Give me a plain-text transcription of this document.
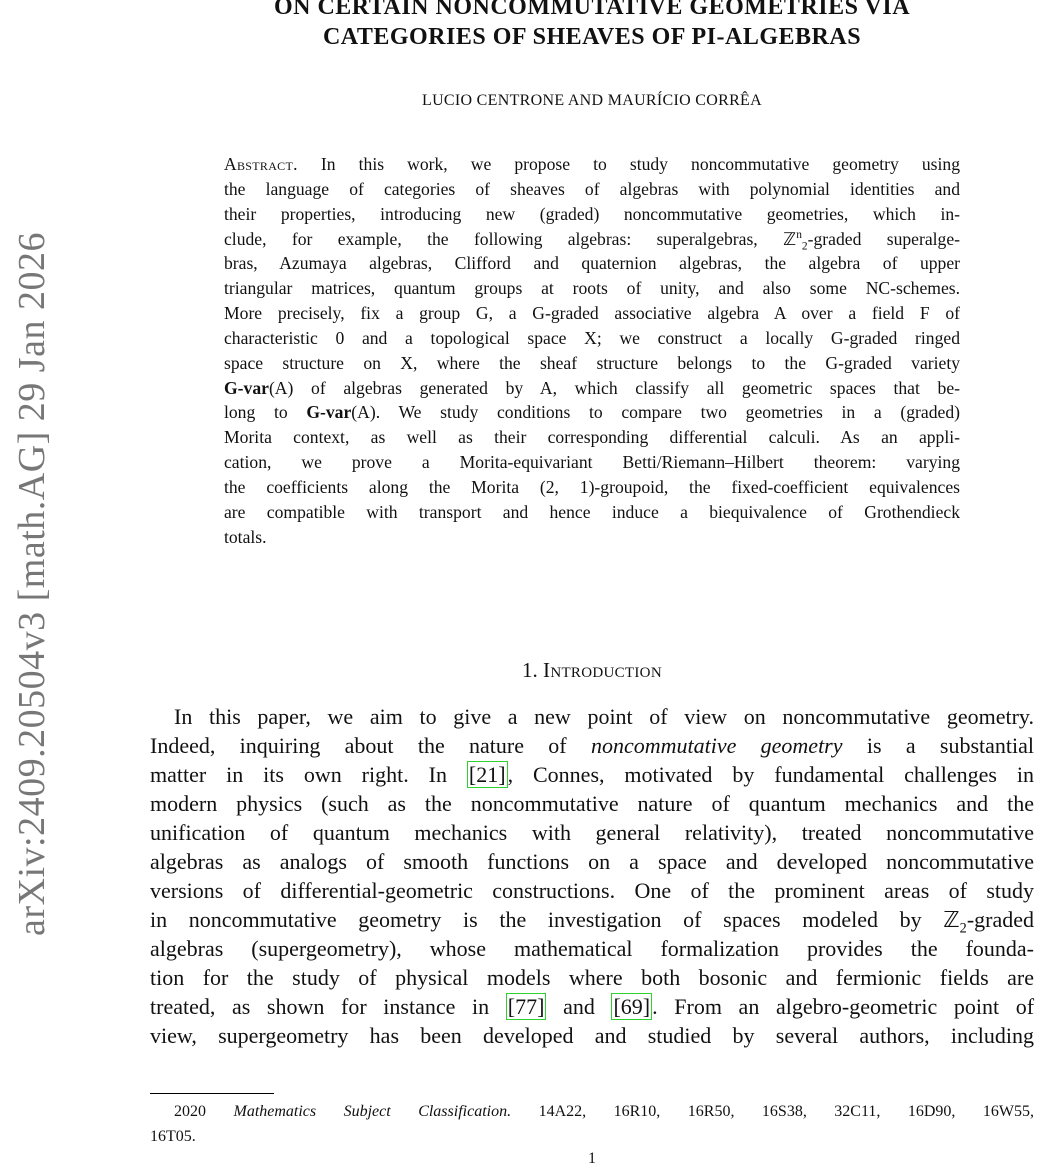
arXiv:2409.20504v3 [math.AG] 29 Jan 2026
ON CERTAIN NONCOMMUTATIVE GEOMETRIES VIA
CATEGORIES OF SHEAVES OF PI-ALGEBRAS
LUCIO CENTRONE AND MAURÍCIO CORRÊA
Abstract. In this work, we propose to study noncommutative geometry using
the language of categories of sheaves of algebras with polynomial identities and
their properties, introducing new (graded) noncommutative geometries, which in-
clude, for example, the following algebras: superalgebras, ℤ$^n_2$-graded superalge-
bras, Azumaya algebras, Clifford and quaternion algebras, the algebra of upper
triangular matrices, quantum groups at roots of unity, and also some NC-schemes.
More precisely, fix a group G, a G-graded associative algebra A over a field F of
characteristic 0 and a topological space X; we construct a locally G-graded ringed
space structure on X, where the sheaf structure belongs to the G-graded variety
G-var(A) of algebras generated by A, which classify all geometric spaces that be-
long to G-var(A). We study conditions to compare two geometries in a (graded)
Morita context, as well as their corresponding differential calculi. As an appli-
cation, we prove a Morita-equivariant Betti/Riemann–Hilbert theorem: varying
the coefficients along the Morita (2, 1)-groupoid, the fixed-coefficient equivalences
are compatible with transport and hence induce a biequivalence of Grothendieck
totals.
1. Introduction
In this paper, we aim to give a new point of view on noncommutative geometry.
Indeed, inquiring about the nature of noncommutative geometry is a substantial
matter in its own right. In [21], Connes, motivated by fundamental challenges in
modern physics (such as the noncommutative nature of quantum mechanics and the
unification of quantum mechanics with general relativity), treated noncommutative
algebras as analogs of smooth functions on a space and developed noncommutative
versions of differential-geometric constructions. One of the prominent areas of study
in noncommutative geometry is the investigation of spaces modeled by ℤ$_2$-graded
algebras (supergeometry), whose mathematical formalization provides the founda-
tion for the study of physical models where both bosonic and fermionic fields are
treated, as shown for instance in [77] and [69]. From an algebro-geometric point of
view, supergeometry has been developed and studied by several authors, including
2020 Mathematics Subject Classification. 14A22, 16R10, 16R50, 16S38, 32C11, 16D90, 16W55,
16T05.
1
